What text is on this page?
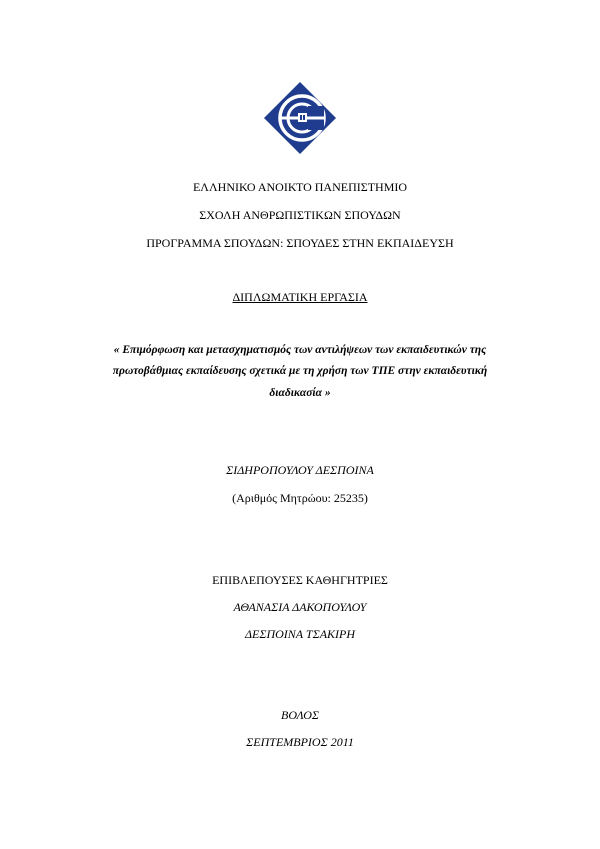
ΕΛΛΗΝΙΚΟ ΑΝΟΙΚΤΟ ΠΑΝΕΠΙΣΤΗΜΙΟ
ΣΧΟΛΗ ΑΝΘΡΩΠΙΣΤΙΚΩΝ ΣΠΟΥΔΩΝ
ΠΡΟΓΡΑΜΜΑ ΣΠΟΥΔΩΝ: ΣΠΟΥΔΕΣ ΣΤΗΝ ΕΚΠΑΙΔΕΥΣΗ
ΔΙΠΛΩΜΑΤΙΚΗ ΕΡΓΑΣΙΑ
« Επιμόρφωση και μετασχηματισμός των αντιλήψεων των εκπαιδευτικών της
πρωτοβάθμιας εκπαίδευσης σχετικά με τη χρήση των ΤΠΕ στην εκπαιδευτική
διαδικασία »
ΣΙΔΗΡΟΠΟΥΛΟΥ ΔΕΣΠΟΙΝΑ
(Αριθμός Μητρώου: 25235)
ΕΠΙΒΛΕΠΟΥΣΕΣ ΚΑΘΗΓΗΤΡΙΕΣ
ΑΘΑΝΑΣΙΑ ΔΑΚΟΠΟΥΛΟΥ
ΔΕΣΠΟΙΝΑ ΤΣΑΚΙΡΗ
ΒΟΛΟΣ
ΣΕΠΤΕΜΒΡΙΟΣ 2011
